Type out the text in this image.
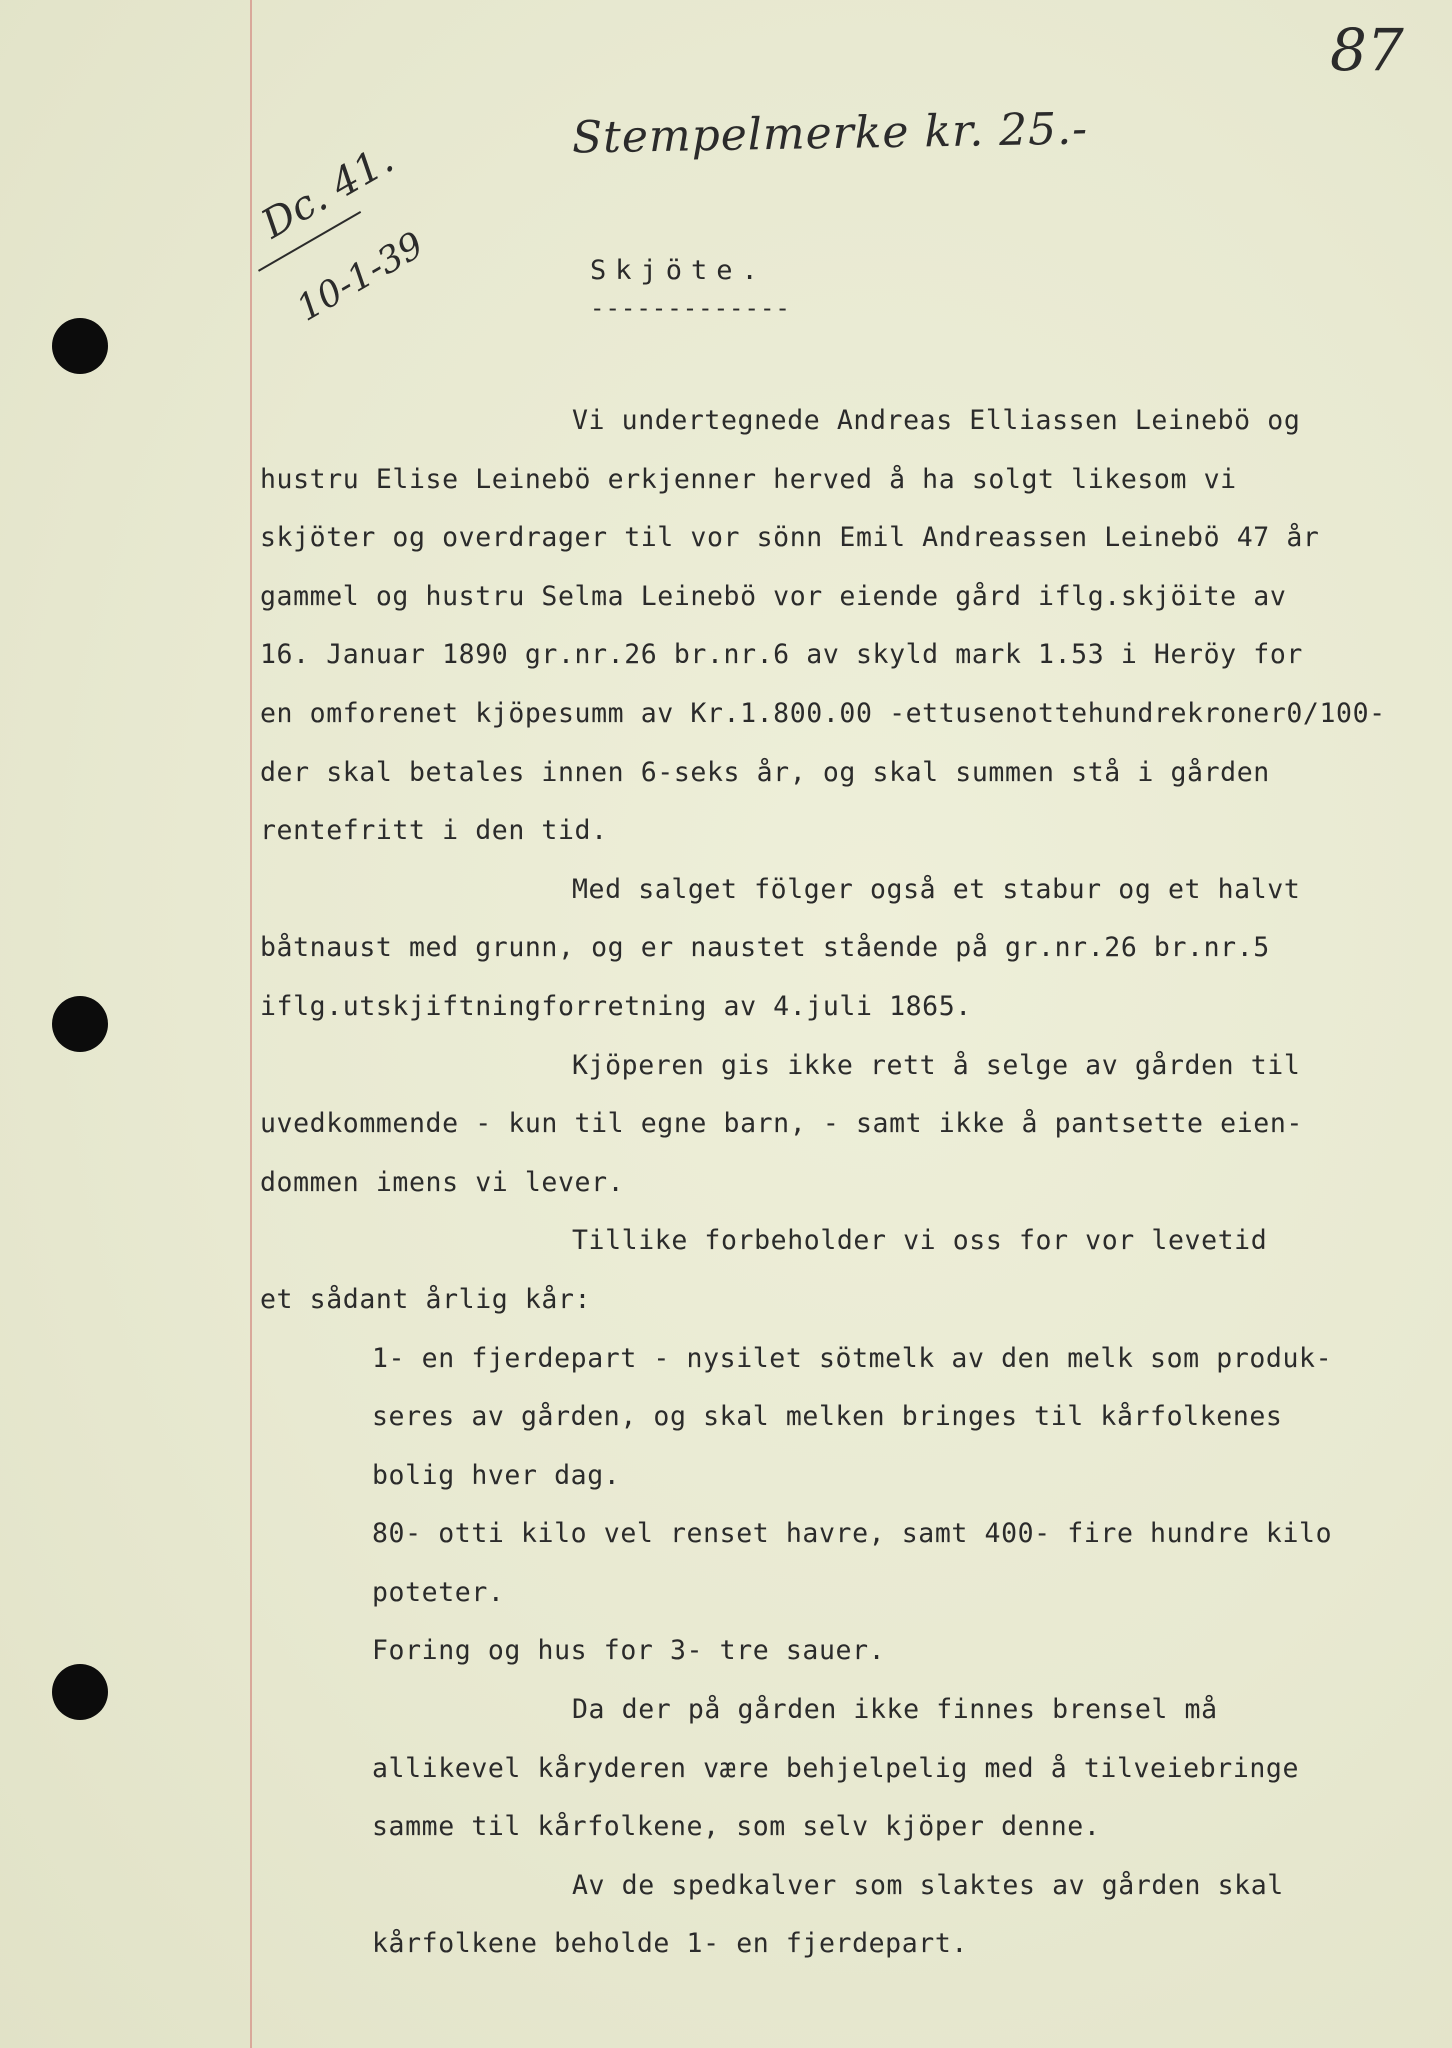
87
Stempelmerke kr. 25.-
Dc. 41.
10-1-39	Skjöte.
-------------
Vi undertegnede Andreas Elliassen Leinebö og
hustru Elise Leinebö erkjenner herved å ha solgt likesom vi
skjöter og overdrager til vor sönn Emil Andreassen Leinebö 47 år
gammel og hustru Selma Leinebö vor eiende gård iflg.skjöite av
16. Januar 1890 gr.nr.26 br.nr.6 av skyld mark 1.53 i Heröy for
en omforenet kjöpesumm av Kr.1.800.00 -ettusenottehundrekroner0/100-
der skal betales innen 6-seks år, og skal summen stå i gården
rentefritt i den tid.
Med salget fölger også et stabur og et halvt
båtnaust med grunn, og er naustet stående på gr.nr.26 br.nr.5
iflg.utskjiftningforretning av 4.juli 1865.
Kjöperen gis ikke rett å selge av gården til
uvedkommende - kun til egne barn, - samt ikke å pantsette eien-
dommen imens vi lever.
Tillike forbeholder vi oss for vor levetid
et sådant årlig kår:
1- en fjerdepart - nysilet sötmelk av den melk som produk-
seres av gården, og skal melken bringes til kårfolkenes
bolig hver dag.
80- otti kilo vel renset havre, samt 400- fire hundre kilo
poteter.
Foring og hus for 3- tre sauer.
Da der på gården ikke finnes brensel må
allikevel kåryderen være behjelpelig med å tilveiebringe
samme til kårfolkene, som selv kjöper denne.
Av de spedkalver som slaktes av gården skal
kårfolkene beholde 1- en fjerdepart.
